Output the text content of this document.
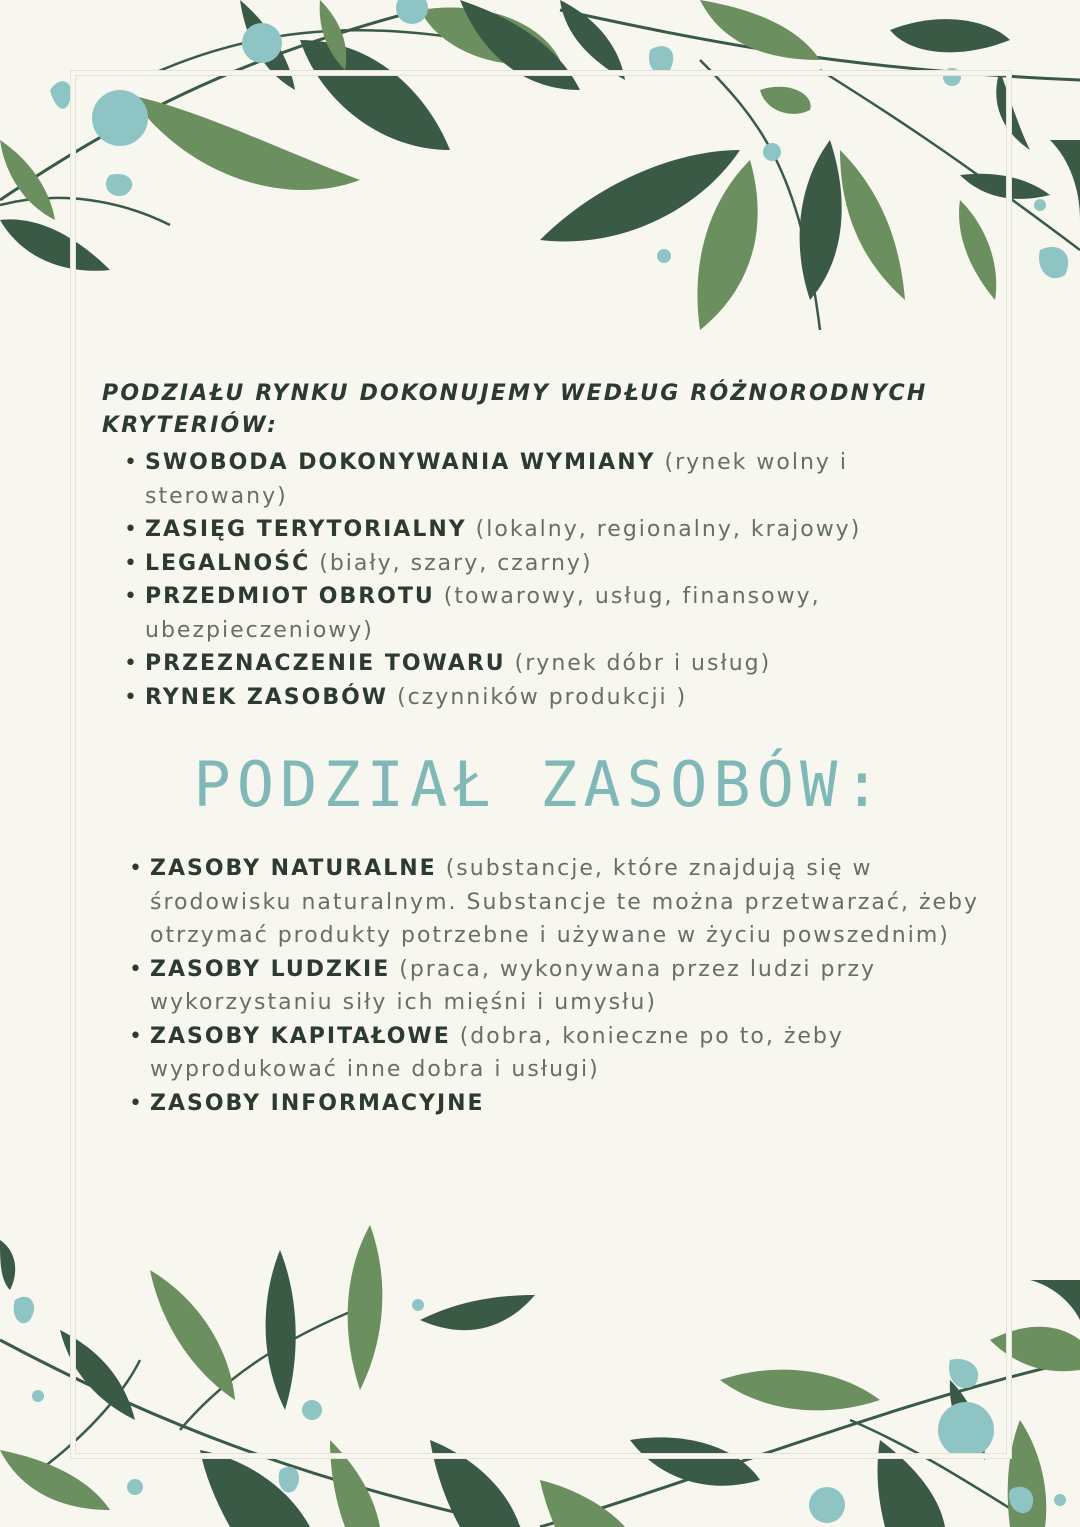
PODZIAŁU RYNKU DOKONUJEMY WEDŁUG RÓŻNORODNYCH KRYTERIÓW:

• SWOBODA DOKONYWANIA WYMIANY (rynek wolny i sterowany)
• ZASIĘG TERYTORIALNY (lokalny, regionalny, krajowy)
• LEGALNOŚĆ (biały, szary, czarny)
• PRZEDMIOT OBROTU (towarowy, usług, finansowy, ubezpieczeniowy)
• PRZEZNACZENIE TOWARU (rynek dóbr i usług)
• RYNEK ZASOBÓW (czynników produkcji )
PODZIAŁ ZASOBÓW:
• ZASOBY NATURALNE (substancje, które znajdują się w środowisku naturalnym. Substancje te można przetwarzać, żeby otrzymać produkty potrzebne i używane w życiu powszednim)
• ZASOBY LUDZKIE (praca, wykonywana przez ludzi przy wykorzystaniu siły ich mięśni i umysłu)
• ZASOBY KAPITAŁOWE (dobra, konieczne po to, żeby wyprodukować inne dobra i usługi)
• ZASOBY INFORMACYJNE
